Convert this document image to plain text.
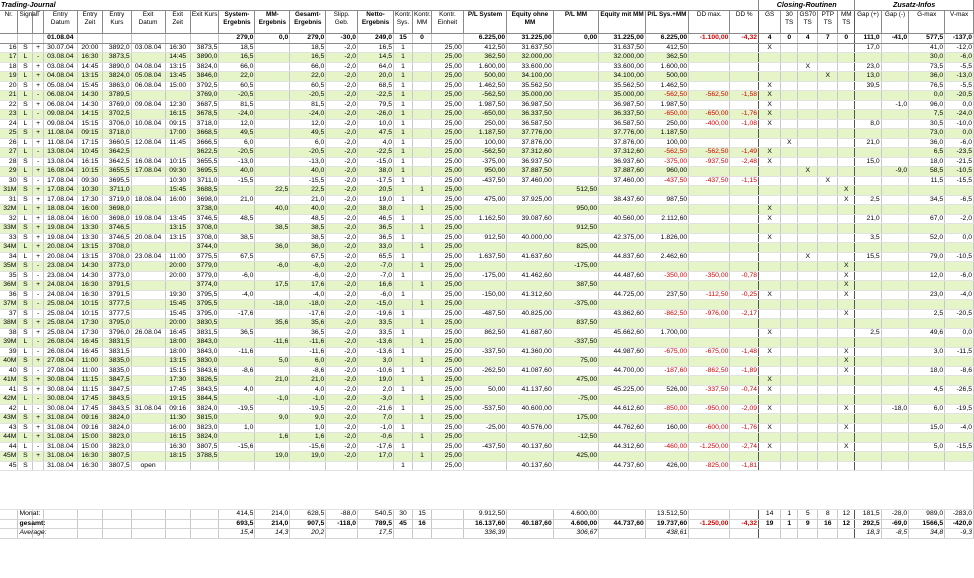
Trading-Journal																								Closing-Routinen					Zusatz-Infos			
Nr.	Signal	T	Entry Datum	Entry Zeit	Entry Kurs	Exit Datum	Exit Zeit	Exit Kurs	System-Ergebnis	MM-Ergebnis	Gesamt-Ergebnis	Slipp. Geb.	Netto-Ergebnis	Kontr. Sys.	Kontr. MM	Kontr. Einheit	P/L System	Equity ohne MM	P/L MM	Equity mit MM	P/L Sys.+MM	DD max.	DD %	GS	30 TS	GS70 TS	PTP TS	MM TS	Gap (+)	Gap (-)	G-max	V-max
			01.08.04						279,0	0,0	279,0	-30,0	249,0	15	0		6.225,00	31.225,00	0,00	31.225,00	6.225,00	-1.100,00	-4,32	4	0	4	7	0	111,0	-41,0	577,5	-137,0
16	S	+	30.07.04	20:00	3892,0	03.08.04	16:30	3873,5	18,5		18,5	-2,0	16,5	1		25,00	412,50	31.637,50		31.637,50	412,50			X					17,0		41,0	-12,0
17	L	-	03.08.04	16:30	3873,5		14:45	3890,0	16,5		16,5	-2,0	14,5	1		25,00	362,50	32.000,00		32.000,00	362,50										30,0	-6,0
18	S	+	03.08.04	14:45	3890,0	04.08.04	13:15	3824,0	66,0		66,0	-2,0	64,0	1		25,00	1.600,00	33.600,00		33.600,00	1.600,00					X			23,0		73,5	-5,5
19	L	+	04.08.04	13:15	3824,0	05.08.04	13:45	3846,0	22,0		22,0	-2,0	20,0	1		25,00	500,00	34.100,00		34.100,00	500,00						X		13,0		36,0	-13,0
20	S	+	05.08.04	15:45	3863,0	06.08.04	15:00	3792,5	60,5		60,5	-2,0	68,5	1		25,00	1.462,50	35.562,50		35.562,50	1.462,50			X					39,5		76,5	-5,5
21	L	-	06.08.04	14:30	3789,5			3769,0	-20,5		-20,5	-2,0	-22,5	1		25,00	-562,50	35.000,00		35.000,00	-562,50	-562,50	-1,58	X							0,0	-20,5
22	S	+	06.08.04	14:30	3769,0	09.08.04	12:30	3687,5	81,5		81,5	-2,0	79,5	1		25,00	1.987,50	36.987,50		36.987,50	1.987,50			X						-1,0	96,0	0,0
23	L	-	09.08.04	14:15	3702,5		16:15	3678,5	-24,0		-24,0	-2,0	-26,0	1		25,00	-650,00	36.337,50		36.337,50	-650,00	-650,00	-1,76	X							7,5	-24,0
24	L	+	09.08.04	15:15	3706,0	10.08.04	09:15	3718,0	12,0		12,0	-2,0	10,0	1		25,00	250,00	36.587,50		36.587,50	250,00	-400,00	-1,08	X					8,0		30,5	-10,0
25	S	+	11.08.04	09:15	3718,0		17:00	3668,5	49,5		49,5	-2,0	47,5	1		25,00	1.187,50	37.776,00		37.776,00	1.187,50										73,0	0,0
26	L	+	11.08.04	17:15	3660,5	12.08.04	11:45	3666,5	6,0		6,0	-2,0	4,0	1		25,00	100,00	37.876,00		37.876,00	100,00				X				21,0		36,0	-6,0
27	L	-	13.08.04	10:45	3642,5			3622,5	-20,5		-20,5	-2,0	-22,5	1		25,00	-562,50	37.312,60		37.312,60	-562,50	-562,50	-1,49	X							6,5	-23,5
28	S	-	13.08.04	16:15	3642,5	16.08.04	10:15	3655,5	-13,0		-13,0	-2,0	-15,0	1		25,00	-375,00	36.937,50		36.937,60	-375,00	-937,50	-2,48	X					15,0		18,0	-21,5
29	L	+	16.08.04	10:15	3655,5	17.08.04	09:30	3695,5	40,0		40,0	-2,0	38,0	1		25,00	950,00	37.887,50		37.887,60	960,00					X				-9,0	58,5	-10,5
30	S	-	17.08.04	09:30	3695,5		10:30	3711,0	-15,5		-15,5	-2,0	-17,5	1		25,00	-437,50	37.460,00		37.460,00	-437,50	-437,50	-1,15				X				11,5	-15,5
31M	S	+	17.08.04	10:30	3711,0		15:45	3688,5		22,5	22,5	-2,0	20,5		1	25,00			512,50									X				
31	S	+	17.08.04	17:30	3719,0	18.08.04	16:00	3698,0	21,0		21,0	-2,0	19,0	1		25,00	475,00	37.925,00		38.437,60	987,50							X	2,5		34,5	-6,5
32M	L	+	18.08.04	16:00	3698,0			3738,0		40,0	40,0	-2,0	38,0		1	25,00			950,00					X								
32	L	+	18.08.04	16:00	3698,0	19.08.04	13:45	3746,5	48,5		48,5	-2,0	46,5	1		25,00	1.162,50	39.087,60		40.560,00	2.112,60			X					21,0		67,0	-2,0
33M	S	+	19.08.04	13:30	3746,5		13:15	3708,0		38,5	38,5	-2,0	36,5		1	25,00			912,50													
33	S	+	19.08.04	13:30	3746,5	20.08.04	13:15	3708,0	38,5		38,5	-2,0	36,5	1		25,00	912,50	40.000,00		42.375,00	1.826,00			X					3,5		52,0	0,0
34M	L	+	20.08.04	13:15	3708,0			3744,0		36,0	36,0	-2,0	33,0		1	25,00			825,00													
34	L	+	20.08.04	13:15	3708,0	23.08.04	11:00	3775,5	67,5		67,5	-2,0	65,5	1		25,00	1.637,50	41.637,60		44.837,60	2.462,60					X			15,5		79,0	-10,5
35M	S	-	23.08.04	14:30	3773,0		20:00	3779,0		-6,0	-6,0	-2,0	-7,0		1	25,00			-175,00									X				
35	S	-	23.08.04	14:30	3773,0		20:00	3779,0	-6,0		-6,0	-2,0	-7,0	1		25,00	-175,00	41.462,60		44.487,60	-350,00	-350,00	-0,78					X			12,0	-6,0
36M	S	+	24.08.04	16:30	3791,5			3774,0		17,5	17,6	-2,0	16,6		1	25,00			387,50									X				
36	S	-	24.08.04	16:30	3791,5		19:30	3795,5	-4,0		-4,0	-2,0	-6,0	1		25,00	-150,00	41.312,60		44.725,00	237,50	-112,50	-0,25	X				X			23,0	-4,0
37M	S	-	25.08.04	10:15	3777,5		15:45	3795,5		-18,0	-18,0	-2,0	-15,0		1	25,00			-375,00													
37	S	-	25.08.04	10:15	3777,5		15:45	3795,0	-17,6		-17,6	-2,0	-19,6	1		25,00	-487,50	40.825,00		43.862,60	-862,50	-976,00	-2,17					X			2,5	-20,5
38M	S	+	25.08.04	17:30	3795,0		20:00	3830,5		35,6	35,6	-2,0	33,5		1	25,00			837,50													
38	S	+	25.08.04	17:30	3796,0	26.08.04	16:45	3831,5	36,5		36,5	-2,0	33,5	1		25,00	862,50	41.687,60		45.662,60	1.700,00			X					2,5		49,6	0,0
39M	L	-	26.08.04	16:45	3831,5		18:00	3843,0		-11,6	-11,6	-2,0	-13,6		1	25,00			-337,50													
39	L	-	26.08.04	16:45	3831,5		18:00	3843,0	-11,6		-11,6	-2,0	-13,6	1		25,00	-337,50	41.360,00		44.987,60	-675,00	-675,00	-1,48	X				X			3,0	-11,5
40M	S	+	27.08.04	11:00	3835,0		13:15	3830,0		5,0	6,0	-2,0	3,0		1	25,00			75,00									X				
40	S	-	27.08.04	11:00	3835,0		15:15	3843,6	-8,6		-8,6	-2,0	-10,6	1		25,00	-262,50	41.087,60		44.700,00	-187,60	-862,50	-1,89					X			18,0	-8,6
41M	S	+	30.08.04	11:15	3847,5		17:30	3826,5		21,0	21,0	-2,0	19,0		1	25,00			475,00					X								
41	S	+	30.08.04	11:15	3847,5		17:45	3843,5	4,0		4,0	-2,0	2,0	1		25,00	50,00	41.137,60		45.225,00	526,00	-337,50	-0,74	X							4,5	-26,5
42M	L	-	30.08.04	17:45	3843,5		19:15	3844,5		-1,0	-1,0	-2,0	-3,0		1	25,00			-75,00													
42	L	-	30.08.04	17:45	3843,5	31.08.04	09:16	3824,0	-19,5		-19,5	-2,0	-21,6	1		25,00	-537,50	40.600,00		44.612,60	-850,00	-950,00	-2,09	X				X		-18,0	6,0	-19,5
43M	S	+	31.08.04	09:16	3824,0		11:30	3815,0		9,0	9,0	-2,0	7,0		1	25,00			175,00													
43	S	+	31.08.04	09:16	3824,0		16:00	3823,0	1,0		1,0	-2,0	-1,0	1		25,00	-25,00	40.576,00		44.762,60	160,00	-600,00	-1,76	X				X			15,0	-4,0
44M	L	+	31.08.04	15:00	3823,0		16:15	3824,0		1,6	1,6	-2,0	-0,6		1	25,00			-12,50													
44	L	-	31.08.04	15:00	3823,0		16:30	3807,5	-15,6		-15,6	-2,0	-17,6	1		25,00	-437,50	40.137,60		44.312,60	-460,00	-1.250,00	-2,74	X				X			5,0	-15,5
45M	S	+	31.08.04	16:30	3807,5		18:15	3788,5		19,0	19,0	-2,0	17,0		1	25,00			425,00													
45	S		31.08.04	16:30	3807,5	open								1		25,00		40.137,60		44.737,60	426,00	-825,00	-1,81									

	Monat:								414,5	214,0	628,5	-88,0	540,5	30	15		9.912,50		4.600,00		13.512,50			14	1	5	8	12	181,5	-28,0	989,0	-283,0
	gesamt:								693,5	214,0	907,5	-118,0	789,5	45	16		16.137,60	40.187,60	4.600,00	44.737,60	19.737,60	-1.250,00	-4,32	19	1	9	16	12	292,5	-69,0	1566,5	-420,0
	Average:								15,4	14,3	20,2		17,5				336,39		306,67		438,61								18,3	-8,5	34,8	-9,3
